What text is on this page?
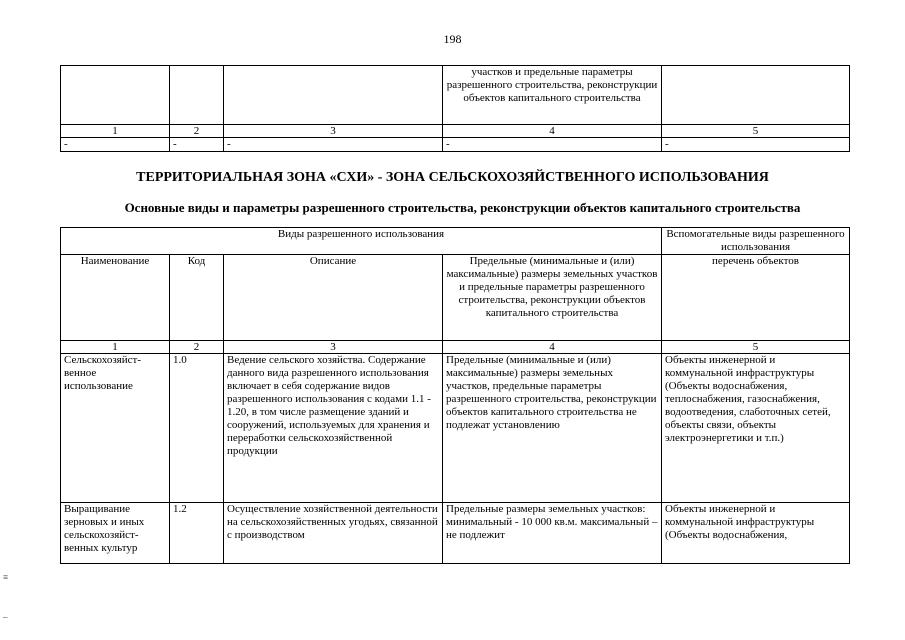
198
			участков и предельные параметры разрешенного строительства, реконструкции объектов капитального строительства	
1	2	3	4	5
-	-	-	-	-
ТЕРРИТОРИАЛЬНАЯ ЗОНА «СХИ» - ЗОНА СЕЛЬСКОХОЗЯЙСТВЕННОГО ИСПОЛЬЗОВАНИЯ
Основные виды и параметры разрешенного строительства, реконструкции объектов капитального строительства
Виды разрешенного использования				Вспомогательные виды разрешенного использования
Наименование	Код	Описание	Предельные (минимальные и (или) максимальные) размеры земельных участков и предельные параметры разрешенного строительства, реконструкции объектов капитального строительства	перечень объектов
1	2	3	4	5
Сельскохозяйст-венное использование	1.0	Ведение сельского хозяйства. Содержание данного вида разрешенного использования включает в себя содержание видов разрешенного использования с кодами 1.1 - 1.20, в том числе размещение зданий и сооружений, используемых для хранения и переработки сельскохозяйственной продукции	Предельные (минимальные и (или) максимальные) размеры земельных участков, предельные параметры разрешенного строительства, реконструкции объектов капитального строительства не подлежат установлению	Объекты инженерной и коммунальной инфраструктуры (Объекты водоснабжения, теплоснабжения, газоснабжения, водоотведения, слаботочных сетей, объекты связи, объекты электроэнергетики и т.п.)
Выращивание зерновых и иных сельскохозяйст-венных культур	1.2	Осуществление хозяйственной деятельности на сельскохозяйственных угодьях, связанной с производством	Предельные размеры земельных участков: минимальный - 10 000 кв.м. максимальный – не подлежит	Объекты инженерной и коммунальной инфраструктуры (Объекты водоснабжения,
≡
–
